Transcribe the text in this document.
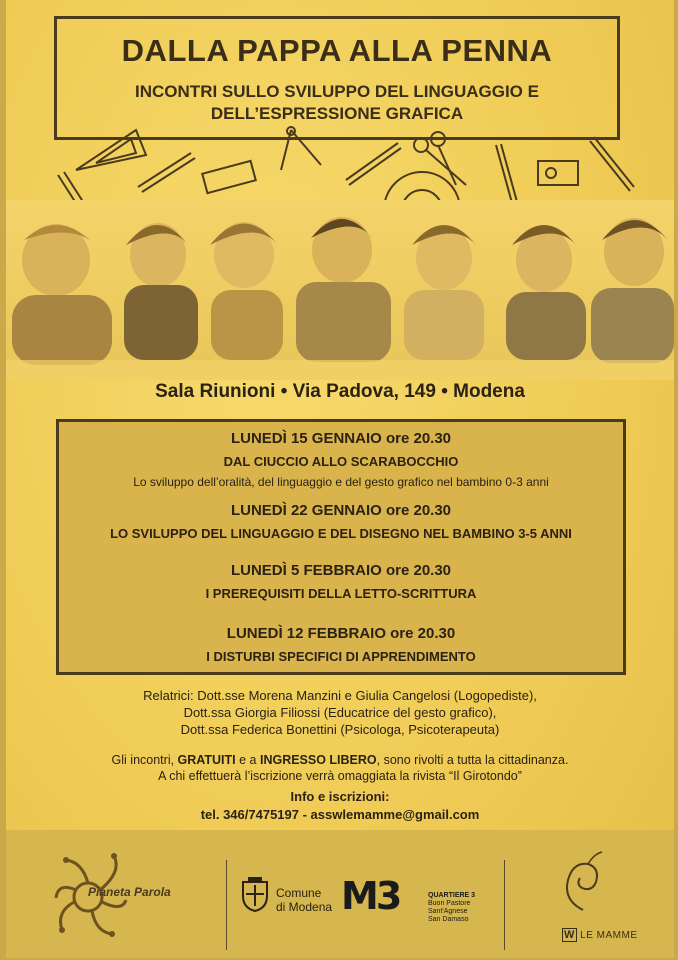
DALLA PAPPA ALLA PENNA
INCONTRI SULLO SVILUPPO DEL LINGUAGGIO E
DELL’ESPRESSIONE GRAFICA
Sala Riunioni • Via Padova, 149 • Modena
LUNEDÌ 15 GENNAIO ore 20.30
DAL CIUCCIO ALLO SCARABOCCHIO
Lo sviluppo dell’oralità, del linguaggio e del gesto grafico nel bambino 0-3 anni
LUNEDÌ 22 GENNAIO ore 20.30
LO SVILUPPO DEL LINGUAGGIO E DEL DISEGNO NEL BAMBINO 3-5 ANNI
LUNEDÌ 5 FEBBRAIO ore 20.30
I PREREQUISITI DELLA LETTO-SCRITTURA
LUNEDÌ 12 FEBBRAIO ore 20.30
I DISTURBI SPECIFICI DI APPRENDIMENTO
Relatrici: Dott.sse Morena Manzini e Giulia Cangelosi (Logopediste),
Dott.ssa Giorgia Filiossi (Educatrice del gesto grafico),
Dott.ssa Federica Bonettini (Psicologa, Psicoterapeuta)
Gli incontri, GRATUITI e a INGRESSO LIBERO, sono rivolti a tutta la cittadinanza.
A chi effettuerà l’iscrizione verrà omaggiata la rivista “Il Girotondo”
Info e iscrizioni:
tel. 346/7475197 - asswlemamme@gmail.com
Pianeta Parola	Comune
di Modena M3	QUARTIERE 3
Buon Pastore
Sant'Agnese
San Damaso
W LE MAMME
